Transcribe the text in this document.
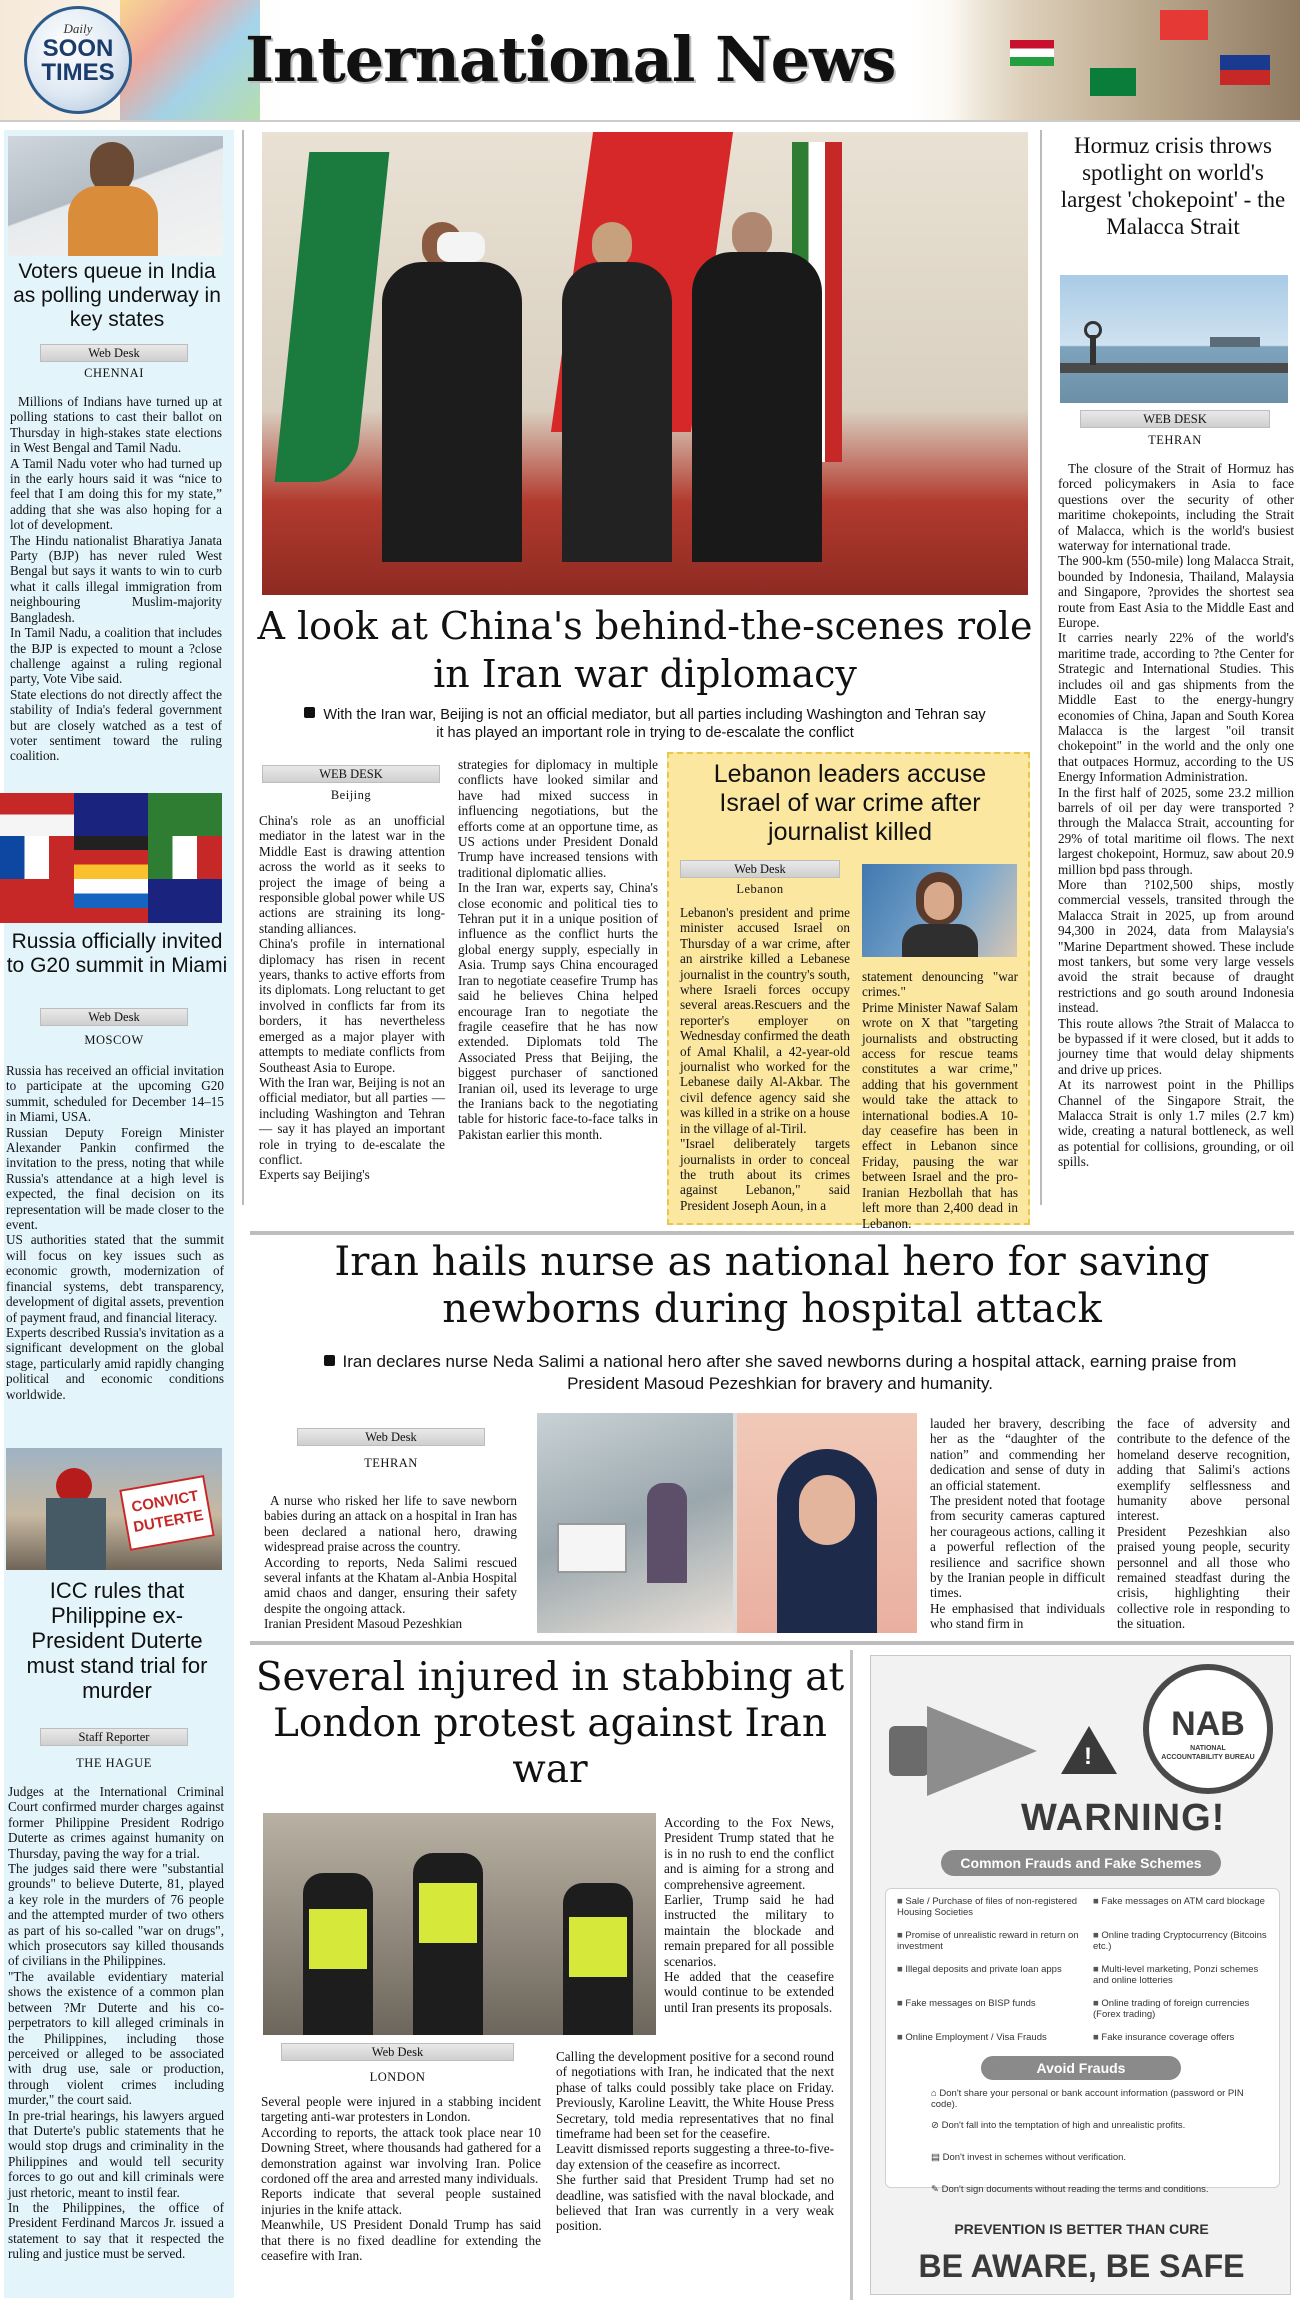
Daily
SOON
TIMES International News
Voters queue in India as polling underway in key states
Web Desk
CHENNAI

Millions of Indians have turned up at polling stations to cast their ballot on Thursday in high-stakes state elections in West Bengal and Tamil Nadu.

A Tamil Nadu voter who had turned up in the early hours said it was “nice to feel that I am doing this for my state,” adding that she was also hoping for a lot of development.

The Hindu nationalist Bharatiya Janata Party (BJP) has never ruled West Bengal but says it wants to win to curb what it calls illegal immigration from neighbouring Muslim-majority Bangladesh.

In Tamil Nadu, a coalition that includes the BJP is expected to mount a ?close challenge against a ruling regional party, Vote Vibe said.

State elections do not directly affect the stability of India's federal government but are closely watched as a test of voter sentiment toward the ruling coalition.

Russia officially invited to G20 summit in Miami
Web Desk
MOSCOW

Russia has received an official invitation to participate at the upcoming G20 summit, scheduled for December 14–15 in Miami, USA.

Russian Deputy Foreign Minister Alexander Pankin confirmed the invitation to the press, noting that while Russia's attendance at a high level is expected, the final decision on its representation will be made closer to the event.

US authorities stated that the summit will focus on key issues such as economic growth, modernization of financial systems, debt transparency, development of digital assets, prevention of payment fraud, and financial literacy.

Experts described Russia's invitation as a significant development on the global stage, particularly amid rapidly changing political and economic conditions worldwide.

CONVICT DUTERTE
ICC rules that Philippine ex-President Duterte must stand trial for murder
Staff Reporter
THE HAGUE

Judges at the International Criminal Court confirmed murder charges against former Philippine President Rodrigo Duterte as crimes against humanity on Thursday, paving the way for a trial.

The judges said there were "substantial grounds" to believe Duterte, 81, played a key role in the murders of 76 people and the attempted murder of two others as part of his so-called "war on drugs", which prosecutors say killed thousands of civilians in the Philippines.

"The available evidentiary material shows the existence of a common plan between ?Mr Duterte and his co-perpetrators to kill alleged criminals in the Philippines, including those perceived or alleged to be associated with drug use, sale or production, through violent crimes including murder," the court said.

In pre-trial hearings, his lawyers argued that Duterte's public statements that he would stop drugs and criminality in the Philippines and would tell security forces to go out and kill criminals were just rhetoric, meant to instil fear.

In the Philippines, the office of President Ferdinand Marcos Jr. issued a statement to say that it respected the ruling and justice must be served.

A look at China's behind-the-scenes role in Iran war diplomacy
With the Iran war, Beijing is not an official mediator, but all parties including Washington and Tehran say it has played an important role in trying to de-escalate the conflict
WEB DESK
Beijing

China's role as an unofficial mediator in the latest war in the Middle East is drawing attention across the world as it seeks to project the image of being a responsible global power while US actions are straining its long-standing alliances.

China's profile in international diplomacy has risen in recent years, thanks to active efforts from its diplomats. Long reluctant to get involved in conflicts far from its borders, it has nevertheless emerged as a major player with attempts to mediate conflicts from Southeast Asia to Europe.

With the Iran war, Beijing is not an official mediator, but all parties — including Washington and Tehran — say it has played an important role in trying to de-escalate the conflict.

Experts say Beijing's

strategies for diplomacy in multiple conflicts have looked similar and have had mixed success in influencing negotiations, but the efforts come at an opportune time, as US actions under President Donald Trump have increased tensions with traditional diplomatic allies.

In the Iran war, experts say, China's close economic and political ties to Tehran put it in a unique position of influence as the conflict hurts the global energy supply, especially in Asia. Trump says China encouraged Iran to negotiate ceasefire Trump has said he believes China helped encourage Iran to negotiate the fragile ceasefire that he has now extended. Diplomats told The Associated Press that Beijing, the biggest purchaser of sanctioned Iranian oil, used its leverage to urge the Iranians back to the negotiating table for historic face-to-face talks in Pakistan earlier this month.

Lebanon leaders accuse Israel of war crime after journalist killed
Web Desk
Lebanon

Lebanon's president and prime minister accused Israel on Thursday of a war crime, after an airstrike killed a Lebanese journalist in the country's south, where Israeli forces occupy several areas.Rescuers and the reporter's employer on Wednesday confirmed the death of Amal Khalil, a 42-year-old journalist who worked for the Lebanese daily Al-Akbar. The civil defence agency said she was killed in a strike on a house in the village of al-Tiril.

"Israel deliberately targets journalists in order to conceal the truth about its crimes against Lebanon," said President Joseph Aoun, in a

statement denouncing "war crimes."

Prime Minister Nawaf Salam wrote on X that "targeting journalists and obstructing access for rescue teams constitutes a war crime," adding that his government would take the attack to international bodies.A 10-day ceasefire has been in effect in Lebanon since Friday, pausing the war between Israel and the pro-Iranian Hezbollah that has left more than 2,400 dead in Lebanon.

Hormuz crisis throws spotlight on world's largest 'chokepoint' - the Malacca Strait
WEB DESK
TEHRAN

The closure of the Strait of Hormuz has forced policymakers in Asia to face questions over the security of other maritime chokepoints, including the Strait of Malacca, which is the world's busiest waterway for international trade.

The 900-km (550-mile) long Malacca Strait, bounded by Indonesia, Thailand, Malaysia and Singapore, ?provides the shortest sea route from East Asia to the Middle East and Europe.

It carries nearly 22% of the world's maritime trade, according to ?the Center for Strategic and International Studies. This includes oil and gas shipments from the Middle East to the energy-hungry economies of China, Japan and South Korea Malacca is the largest "oil transit chokepoint" in the world and the only one that outpaces Hormuz, according to the US Energy Information Administration.

In the first half of 2025, some 23.2 million barrels of oil per day were transported ?through the Malacca Strait, accounting for 29% of total maritime oil flows. The next largest chokepoint, Hormuz, saw about 20.9 million bpd pass through.

More than ?102,500 ships, mostly commercial vessels, transited through the Malacca Strait in 2025, up from around 94,300 in 2024, data from Malaysia's "Marine Department showed. These include most tankers, but some very large vessels avoid the strait because of draught restrictions and go south around Indonesia instead.

This route allows ?the Strait of Malacca to be bypassed if it were closed, but it adds to journey time that would delay shipments and drive up prices.

At its narrowest point in the Phillips Channel of the Singapore Strait, the Malacca Strait is only 1.7 miles (2.7 km) wide, creating a natural bottleneck, as well as potential for collisions, grounding, or oil spills.

Iran hails nurse as national hero for saving newborns during hospital attack
Iran declares nurse Neda Salimi a national hero after she saved newborns during a hospital attack, earning praise from President Masoud Pezeshkian for bravery and humanity.
Web Desk
TEHRAN

A nurse who risked her life to save newborn babies during an attack on a hospital in Iran has been declared a national hero, drawing widespread praise across the country.

According to reports, Neda Salimi rescued several infants at the Khatam al-Anbia Hospital amid chaos and danger, ensuring their safety despite the ongoing attack.

Iranian President Masoud Pezeshkian

lauded her bravery, describing her as the “daughter of the nation” and commending her dedication and sense of duty in an official statement.

The president noted that footage from security cameras captured her courageous actions, calling it a powerful reflection of the resilience and sacrifice shown by the Iranian people in difficult times.

He emphasised that individuals who stand firm in

the face of adversity and contribute to the defence of the homeland deserve recognition, adding that Salimi's actions exemplify selflessness and humanity above personal interest.

President Pezeshkian also praised young people, security personnel and all those who remained steadfast during the crisis, highlighting their collective role in responding to the situation.

Several injured in stabbing at London protest against Iran war
Web Desk
LONDON

Several people were injured in a stabbing incident targeting anti-war protesters in London.

According to reports, the attack took place near 10 Downing Street, where thousands had gathered for a demonstration against war involving Iran. Police cordoned off the area and arrested many individuals.

Reports indicate that several people sustained injuries in the knife attack.

Meanwhile, US President Donald Trump has said that there is no fixed deadline for extending the ceasefire with Iran.

According to the Fox News, President Trump stated that he is in no rush to end the conflict and is aiming for a strong and comprehensive agreement.

Earlier, Trump said he had instructed the military to maintain the blockade and remain prepared for all possible scenarios.

He added that the ceasefire would continue to be extended until Iran presents its proposals.

Calling the development positive for a second round of negotiations with Iran, he indicated that the next phase of talks could possibly take place on Friday. Previously, Karoline Leavitt, the White House Press Secretary, told media representatives that no final timeframe had been set for the ceasefire.

Leavitt dismissed reports suggesting a three-to-five-day extension of the ceasefire as incorrect.

She further said that President Trump had set no deadline, was satisfied with the naval blockade, and believed that Iran was currently in a very weak position.

!
NAB
NATIONAL ACCOUNTABILITY BUREAU
WARNING!
Common Frauds and Fake Schemes
■ Sale / Purchase of files of non-registered Housing Societies
■ Promise of unrealistic reward in return on investment
■ Illegal deposits and private loan apps
■ Fake messages on BISP funds
■ Online Employment / Visa Frauds
■ Fake messages on ATM card blockage
■ Online trading Cryptocurrency (Bitcoins etc.)
■ Multi-level marketing, Ponzi schemes and online lotteries
■ Online trading of foreign currencies (Forex trading)
■ Fake insurance coverage offers
Avoid Frauds
⌂ Don't share your personal or bank account information (password or PIN code).
⊘ Don't fall into the temptation of high and unrealistic profits.
▤ Don't invest in schemes without verification.
✎ Don't sign documents without reading the terms and conditions.
PREVENTION IS BETTER THAN CURE
BE AWARE, BE SAFE
